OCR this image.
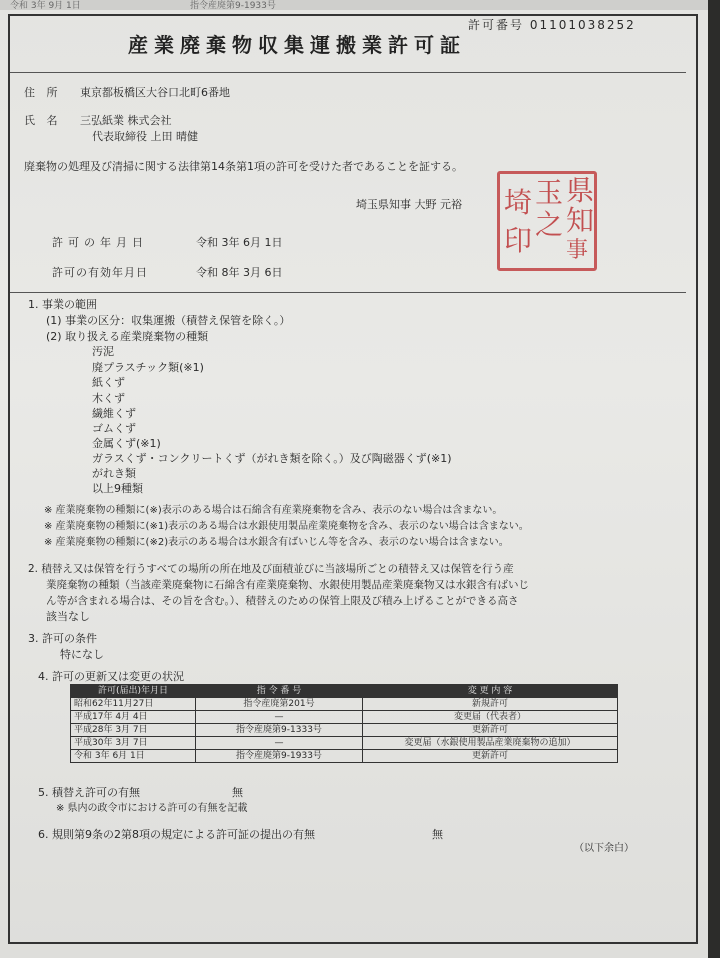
令和 3年 9月 1日	指令産廃第9-1933号
許可番号 01101038252
産業廃棄物収集運搬業許可証
住 所 東京都板橋区大谷口北町6番地
氏 名 三弘紙業 株式会社
代表取締役 上田 晴健
廃棄物の処理及び清掃に関する法律第14条第1項の許可を受けた者であることを証する。
埼玉県知事 大野 元裕	県
知
事
玉
之
埼
印
許可の年月日	令和 3年 6月 1日
許可の有効年月日	令和 8年 3月 6日
1. 事業の範囲
(1) 事業の区分：収集運搬（積替え保管を除く。）
(2) 取り扱える産業廃棄物の種類
汚泥
廃プラスチック類(※1)
紙くず
木くず
繊維くず
ゴムくず
金属くず(※1)
ガラスくず・コンクリートくず（がれき類を除く。）及び陶磁器くず(※1)
がれき類
以上9種類
※ 産業廃棄物の種類に(※)表示のある場合は石綿含有産業廃棄物を含み、表示のない場合は含まない。
※ 産業廃棄物の種類に(※1)表示のある場合は水銀使用製品産業廃棄物を含み、表示のない場合は含まない。
※ 産業廃棄物の種類に(※2)表示のある場合は水銀含有ばいじん等を含み、表示のない場合は含まない。
2. 積替え又は保管を行うすべての場所の所在地及び面積並びに当該場所ごとの積替え又は保管を行う産
業廃棄物の種類（当該産業廃棄物に石綿含有産業廃棄物、水銀使用製品産業廃棄物又は水銀含有ばいじ
ん等が含まれる場合は、その旨を含む。）、積替えのための保管上限及び積み上げることができる高さ
該当なし
3. 許可の条件
特になし
4. 許可の更新又は変更の状況
許可(届出)年月日	指 令 番 号	変 更 内 容
昭和62年11月27日	指令産廃第201号	新規許可
平成17年 4月 4日	—	変更届（代表者）
平成28年 3月 7日	指令産廃第9-1333号	更新許可
平成30年 3月 7日	—	変更届（水銀使用製品産業廃棄物の追加）
令和 3年 6月 1日	指令産廃第9-1933号	更新許可
5. 積替え許可の有無	無
※ 県内の政令市における許可の有無を記載
6. 規則第9条の2第8項の規定による許可証の提出の有無	無
（以下余白）
